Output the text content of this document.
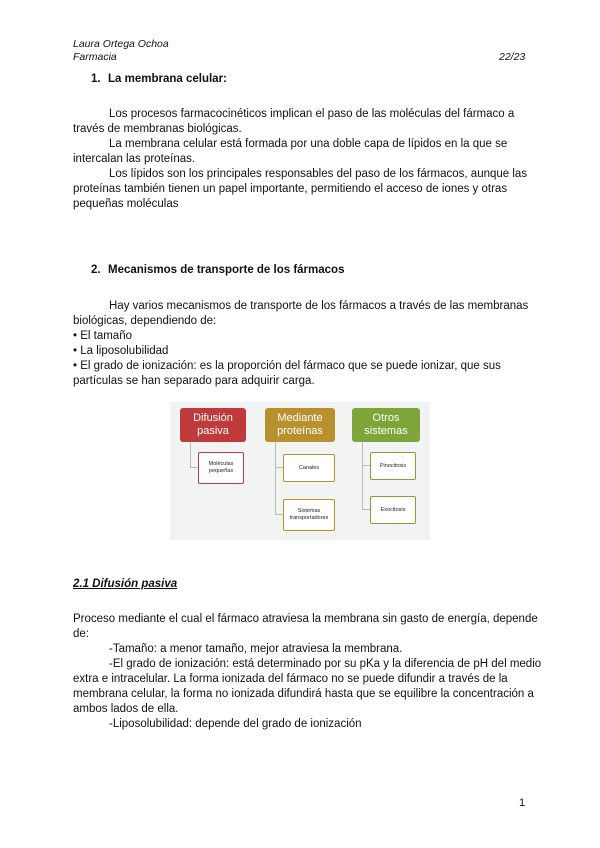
Laura Ortega Ochoa
Farmacia	22/23
1. La membrana celular:
Los procesos farmacocinéticos implican el paso de las moléculas del fármaco a
través de membranas biológicas.
La membrana celular está formada por una doble capa de lípidos en la que se
intercalan las proteínas.
Los lípidos son los principales responsables del paso de los fármacos, aunque las
proteínas también tienen un papel importante, permitiendo el acceso de iones y otras
pequeñas moléculas
2. Mecanismos de transporte de los fármacos
Hay varios mecanismos de transporte de los fármacos a través de las membranas
biológicas, dependiendo de:
• El tamaño
• La liposolubilidad
• El grado de ionización: es la proporción del fármaco que se puede ionizar, que sus
partículas se han separado para adquirir carga.
Difusión pasiva
Moléculas pequeñas
Mediante proteínas
Canales
Sistemas transportadores
Otros sistemas
Pinocitosis
Exocitosis
2.1 Difusión pasiva
Proceso mediante el cual el fármaco atraviesa la membrana sin gasto de energía, depende
de:
-Tamaño: a menor tamaño, mejor atraviesa la membrana.
-El grado de ionización: está determinado por su pKa y la diferencia de pH del medio
extra e intracelular. La forma ionizada del fármaco no se puede difundir a través de la
membrana celular, la forma no ionizada difundirá hasta que se equilibre la concentración a
ambos lados de ella.
-Liposolubilidad: depende del grado de ionización
1
